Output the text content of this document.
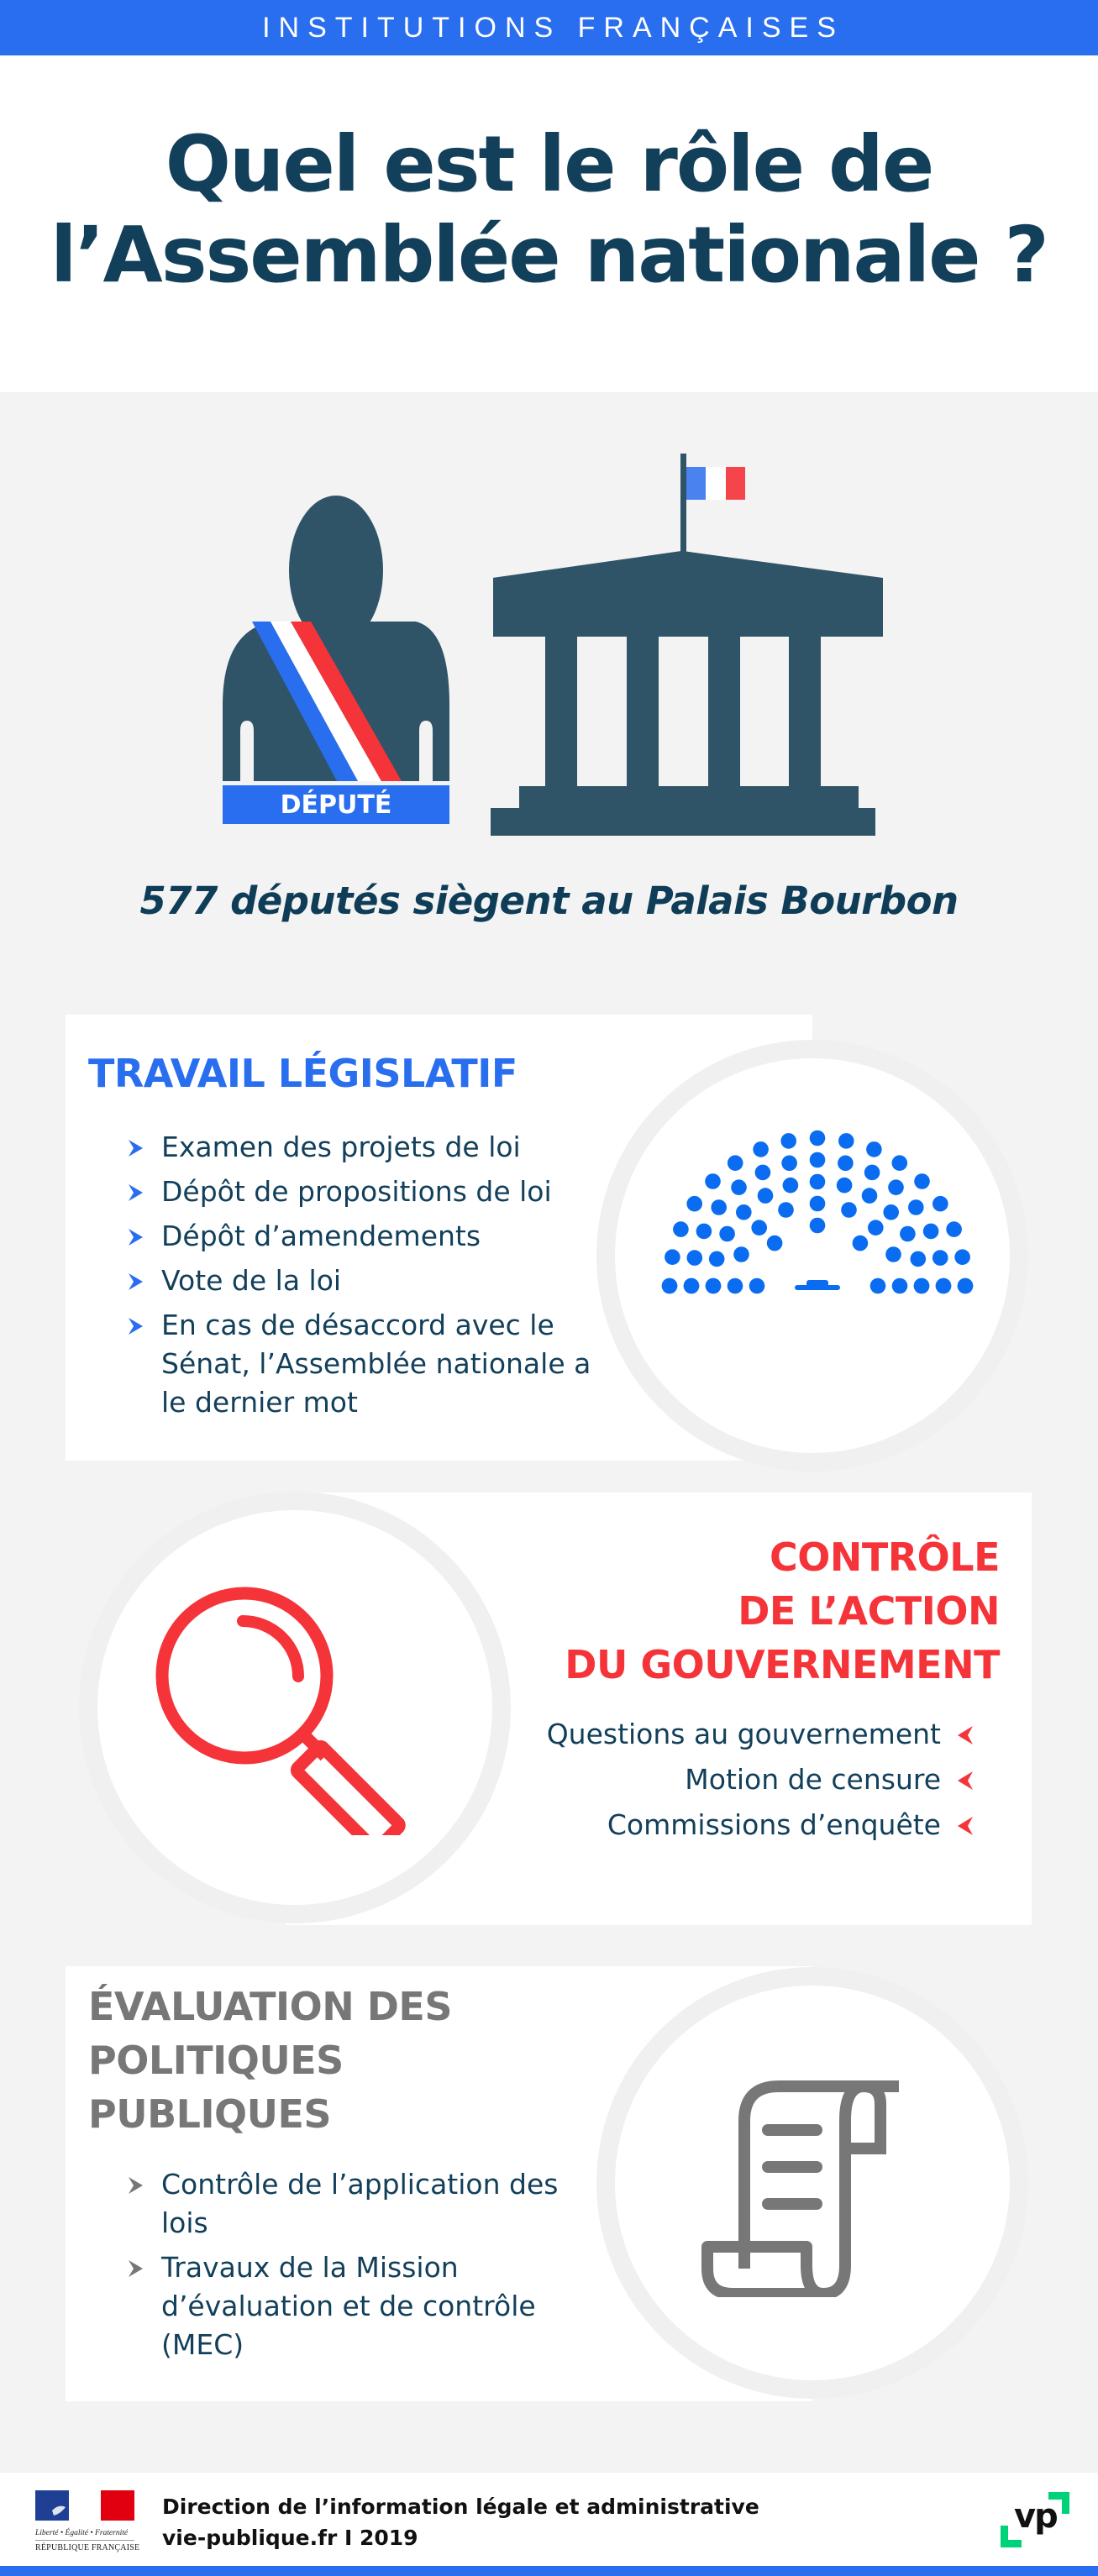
INSTITUTIONS FRANÇAISES
Quel est le rôle de
l’Assemblée nationale ?
DÉPUTÉ
577 députés siègent au Palais Bourbon
TRAVAIL LÉGISLATIF
Examen des projets de loi
Dépôt de propositions de loi
Dépôt d’amendements
Vote de la loi
En cas de désaccord avec le Sénat, l’Assemblée nationale a le dernier mot
CONTRÔLE
DE L’ACTION
DU GOUVERNEMENT
Questions au gouvernement
Motion de censure
Commissions d’enquête
ÉVALUATION DES
POLITIQUES
PUBLIQUES
Contrôle de l’application des lois
Travaux de la Mission d’évaluation et de contrôle (MEC)
Liberté • Égalité • Fraternité
RÉPUBLIQUE FRANÇAISE
Direction de l’information légale et administrative
vie-publique.fr I 2019
vp
